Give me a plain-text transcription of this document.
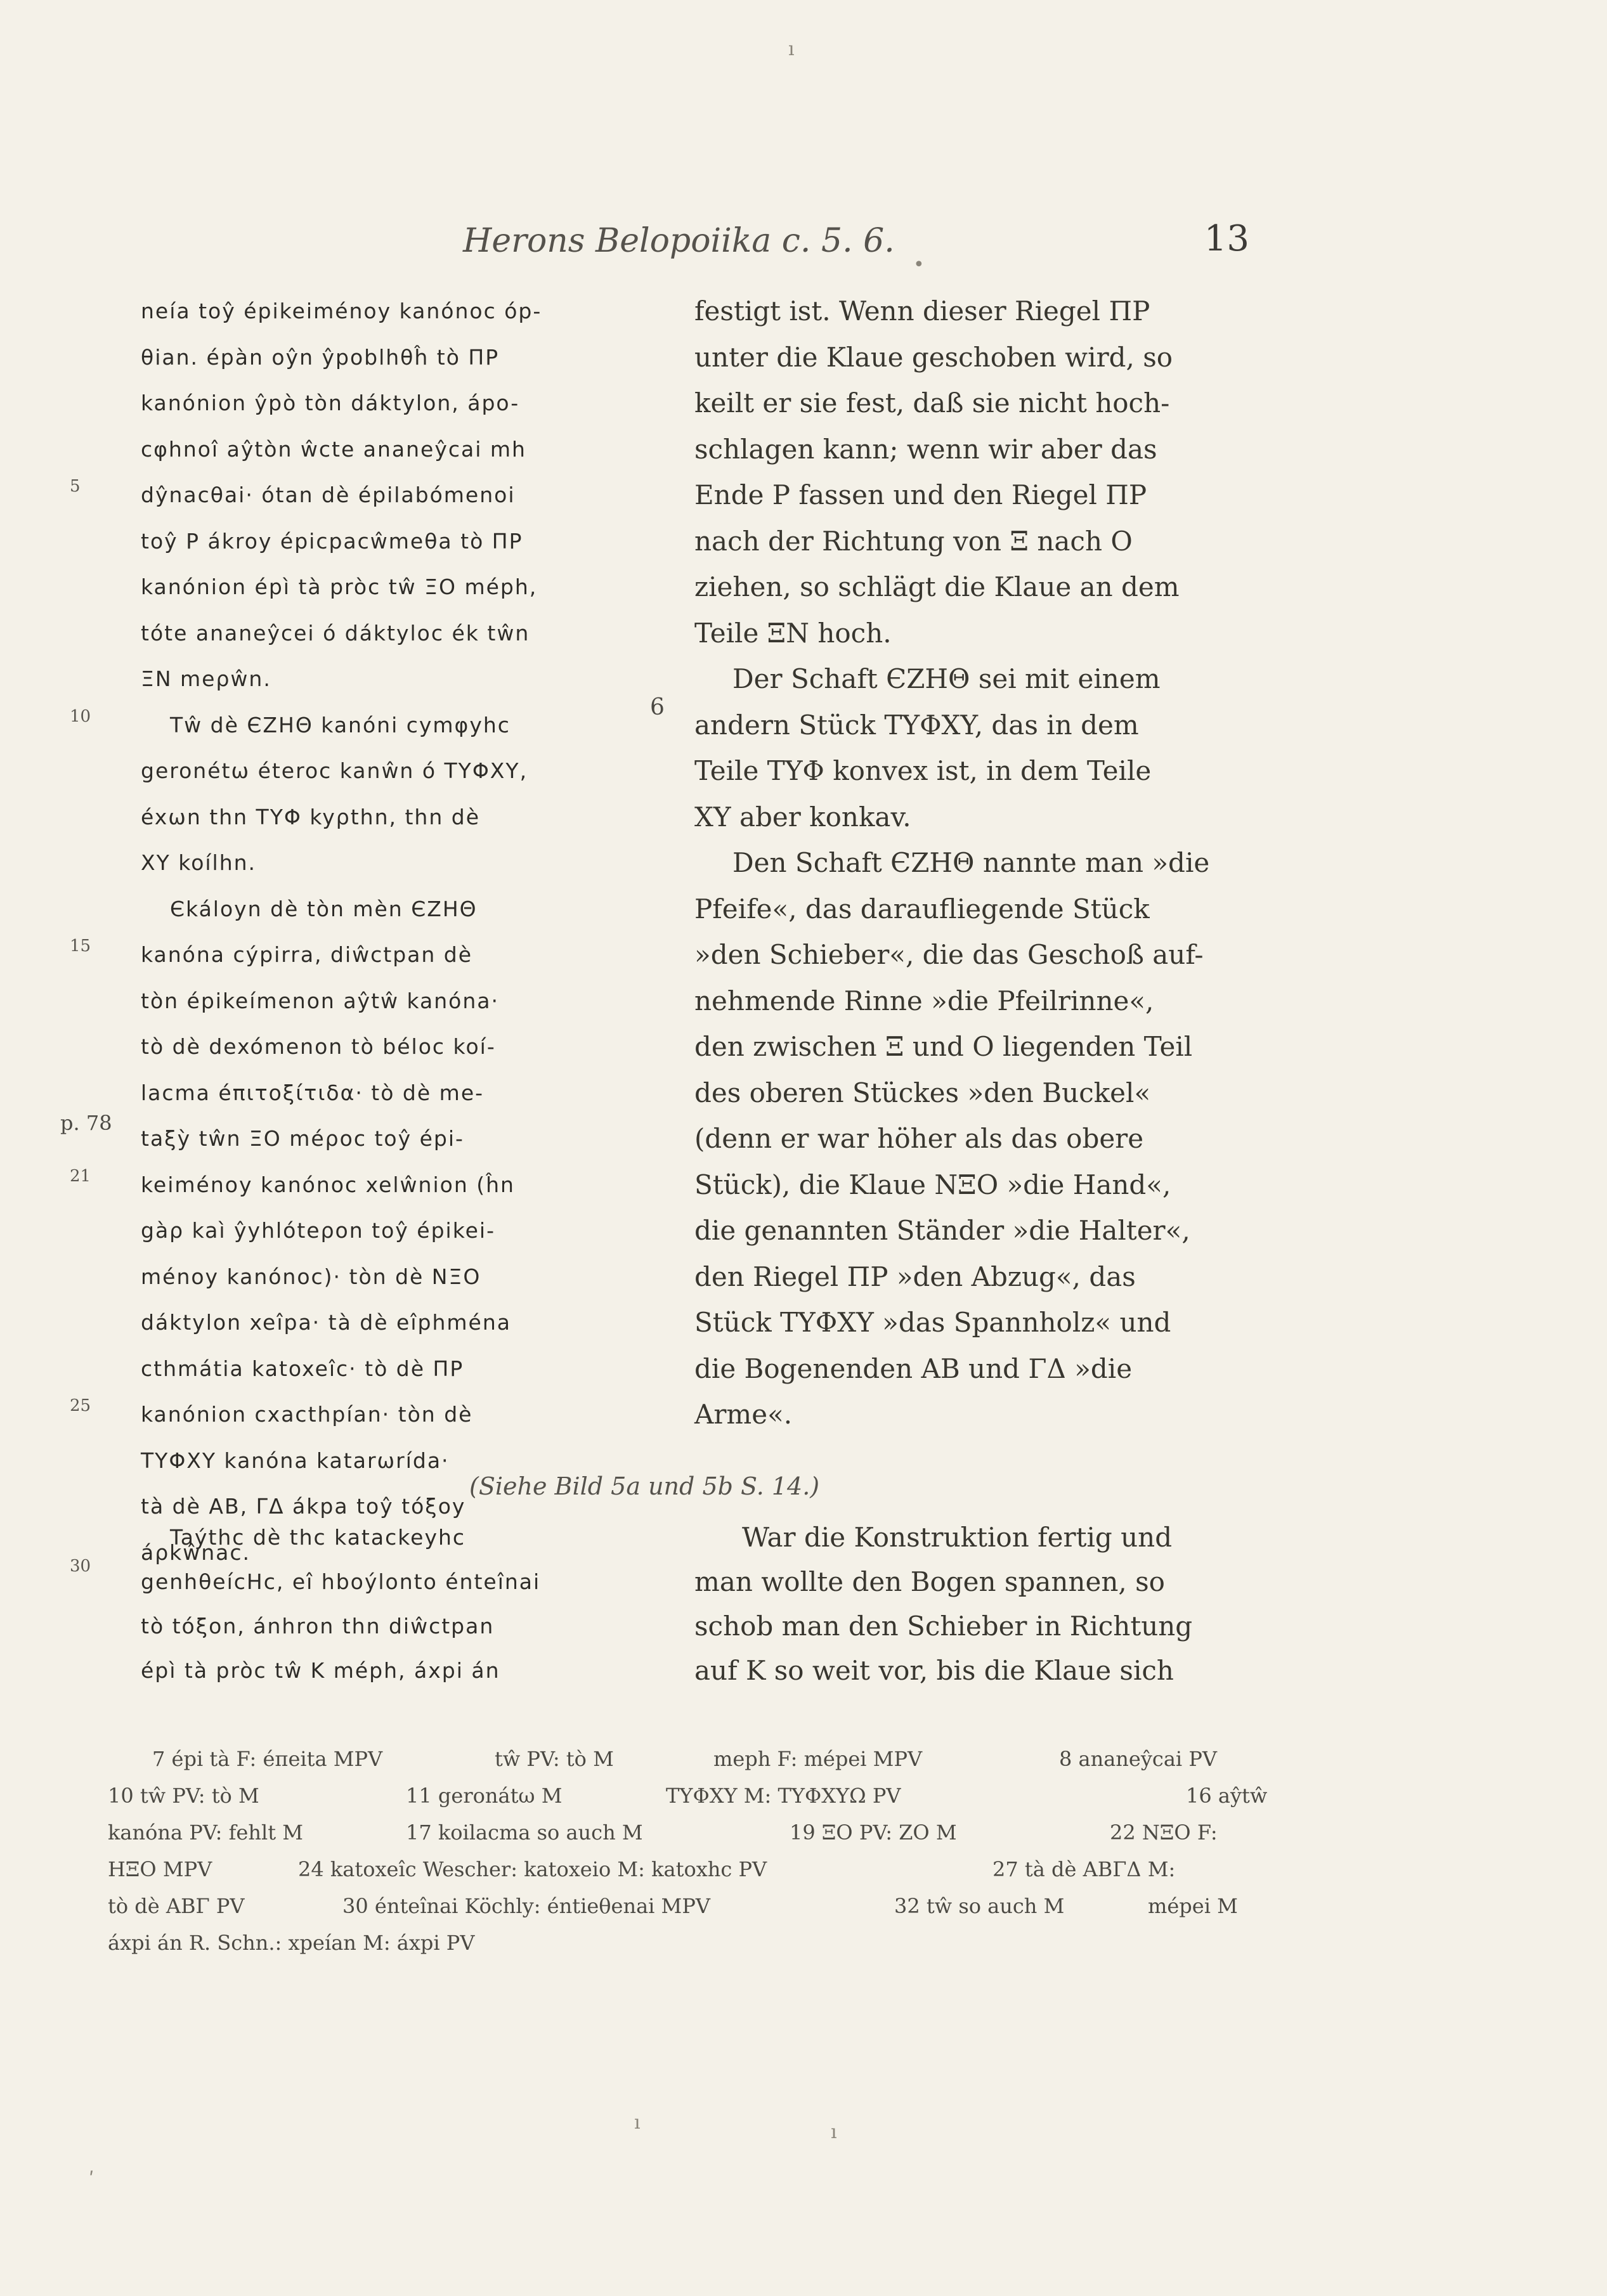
Herons Belopoiika c. 5. 6.	13
neía toŷ épikeiménoy kanónoc óp-
θian. épàn oŷn ŷpoblhθĥ tò ΠP
kanónion ŷpò tòn dáktylon, ápo-
cφhnoî aŷtòn ŵcte ananeŷcai mh
dŷnacθai· ótan dè épilabómenoi
toŷ P ákroy épicpacŵmeθa tò ΠP
kanónion épì tà pròc tŵ ΞO méph,
tóte ananeŷcei ó dáktyloc ék tŵn
ΞN meρŵn.
Tŵ dè ЄZHΘ kanóni cymφyhc
geronétω éteroc kanŵn ó TYΦXY,
éxωn thn TYΦ kyρthn, thn dè
XY koílhn.
Єkáloyn dè tòn mèn ЄZHΘ
kanóna cýpirra, diŵctpan dè
tòn épikeímenon aŷtŵ kanóna·
tò dè dexómenon tò béloc koí-
lacma éπιτοξίτιδα· tò dè me-
taξỳ tŵn ΞO méρoc toŷ épi-
keiménoy kanónoc xelŵnion (ĥn
gàρ kaì ŷyhlóteρon toŷ épikei-
ménoy kanónoc)· tòn dè NΞO
dáktylon xeîpa· tà dè eîphména
cthmátia katoxeîc· tò dè ΠP
kanónion cxacthpían· tòn dè
TYΦXY kanóna katarωrída·
tà dè AB, ΓΔ ákpa toŷ tóξoy
áρkŵnac.
5
10
15
21
25
30
6
p. 78
festigt ist. Wenn dieser Riegel ΠP
unter die Klaue geschoben wird, so
keilt er sie fest, daß sie nicht hoch-
schlagen kann; wenn wir aber das
Ende P fassen und den Riegel ΠP
nach der Richtung von Ξ nach O
ziehen, so schlägt die Klaue an dem
Teile ΞN hoch.
Der Schaft ЄZHΘ sei mit einem
andern Stück TYΦXY, das in dem
Teile TYΦ konvex ist, in dem Teile
XY aber konkav.
Den Schaft ЄZHΘ nannte man »die
Pfeife«, das daraufliegende Stück
»den Schieber«, die das Geschoß auf-
nehmende Rinne »die Pfeilrinne«,
den zwischen Ξ und O liegenden Teil
des oberen Stückes »den Buckel«
(denn er war höher als das obere
Stück), die Klaue NΞO »die Hand«,
die genannten Ständer »die Halter«,
den Riegel ΠP »den Abzug«, das
Stück TYΦXY »das Spannholz« und
die Bogenenden AB und ΓΔ »die
Arme«.
(Siehe Bild 5a und 5b S. 14.)
Taýthc dè thc katackeyhc
genhθeícHc, eî hboýlonto énteînai
tò tóξon, ánhron thn diŵctpan
épì tà pròc tŵ K méph, áxpi án
War die Konstruktion fertig und
man wollte den Bogen spannen, so
schob man den Schieber in Richtung
auf K so weit vor, bis die Klaue sich
7 épi tà F: éπeita MPV	tŵ PV: tò M	meph F: mépei MPV	8 ananeŷcai PV
10 tŵ PV: tò M	11 geronátω M	TYΦXY M: TYΦXYΩ PV	16 aŷtŵ
kanóna PV: fehlt M	17 koilacma so auch M	19 ΞO PV: ZO M	22 NΞO F:
HΞO MPV	24 katoxeîc Wescher: katoxeio M: katoxhc PV	27 tà dè ABΓΔ M:
tò dè ABΓ PV	30 énteînai Köchly: éntieθenai MPV	32 tŵ so auch M	mépei M
áxpi án R. Schn.: xpeían M: áxpi PV
ı
•
ı	ı
ʹ
